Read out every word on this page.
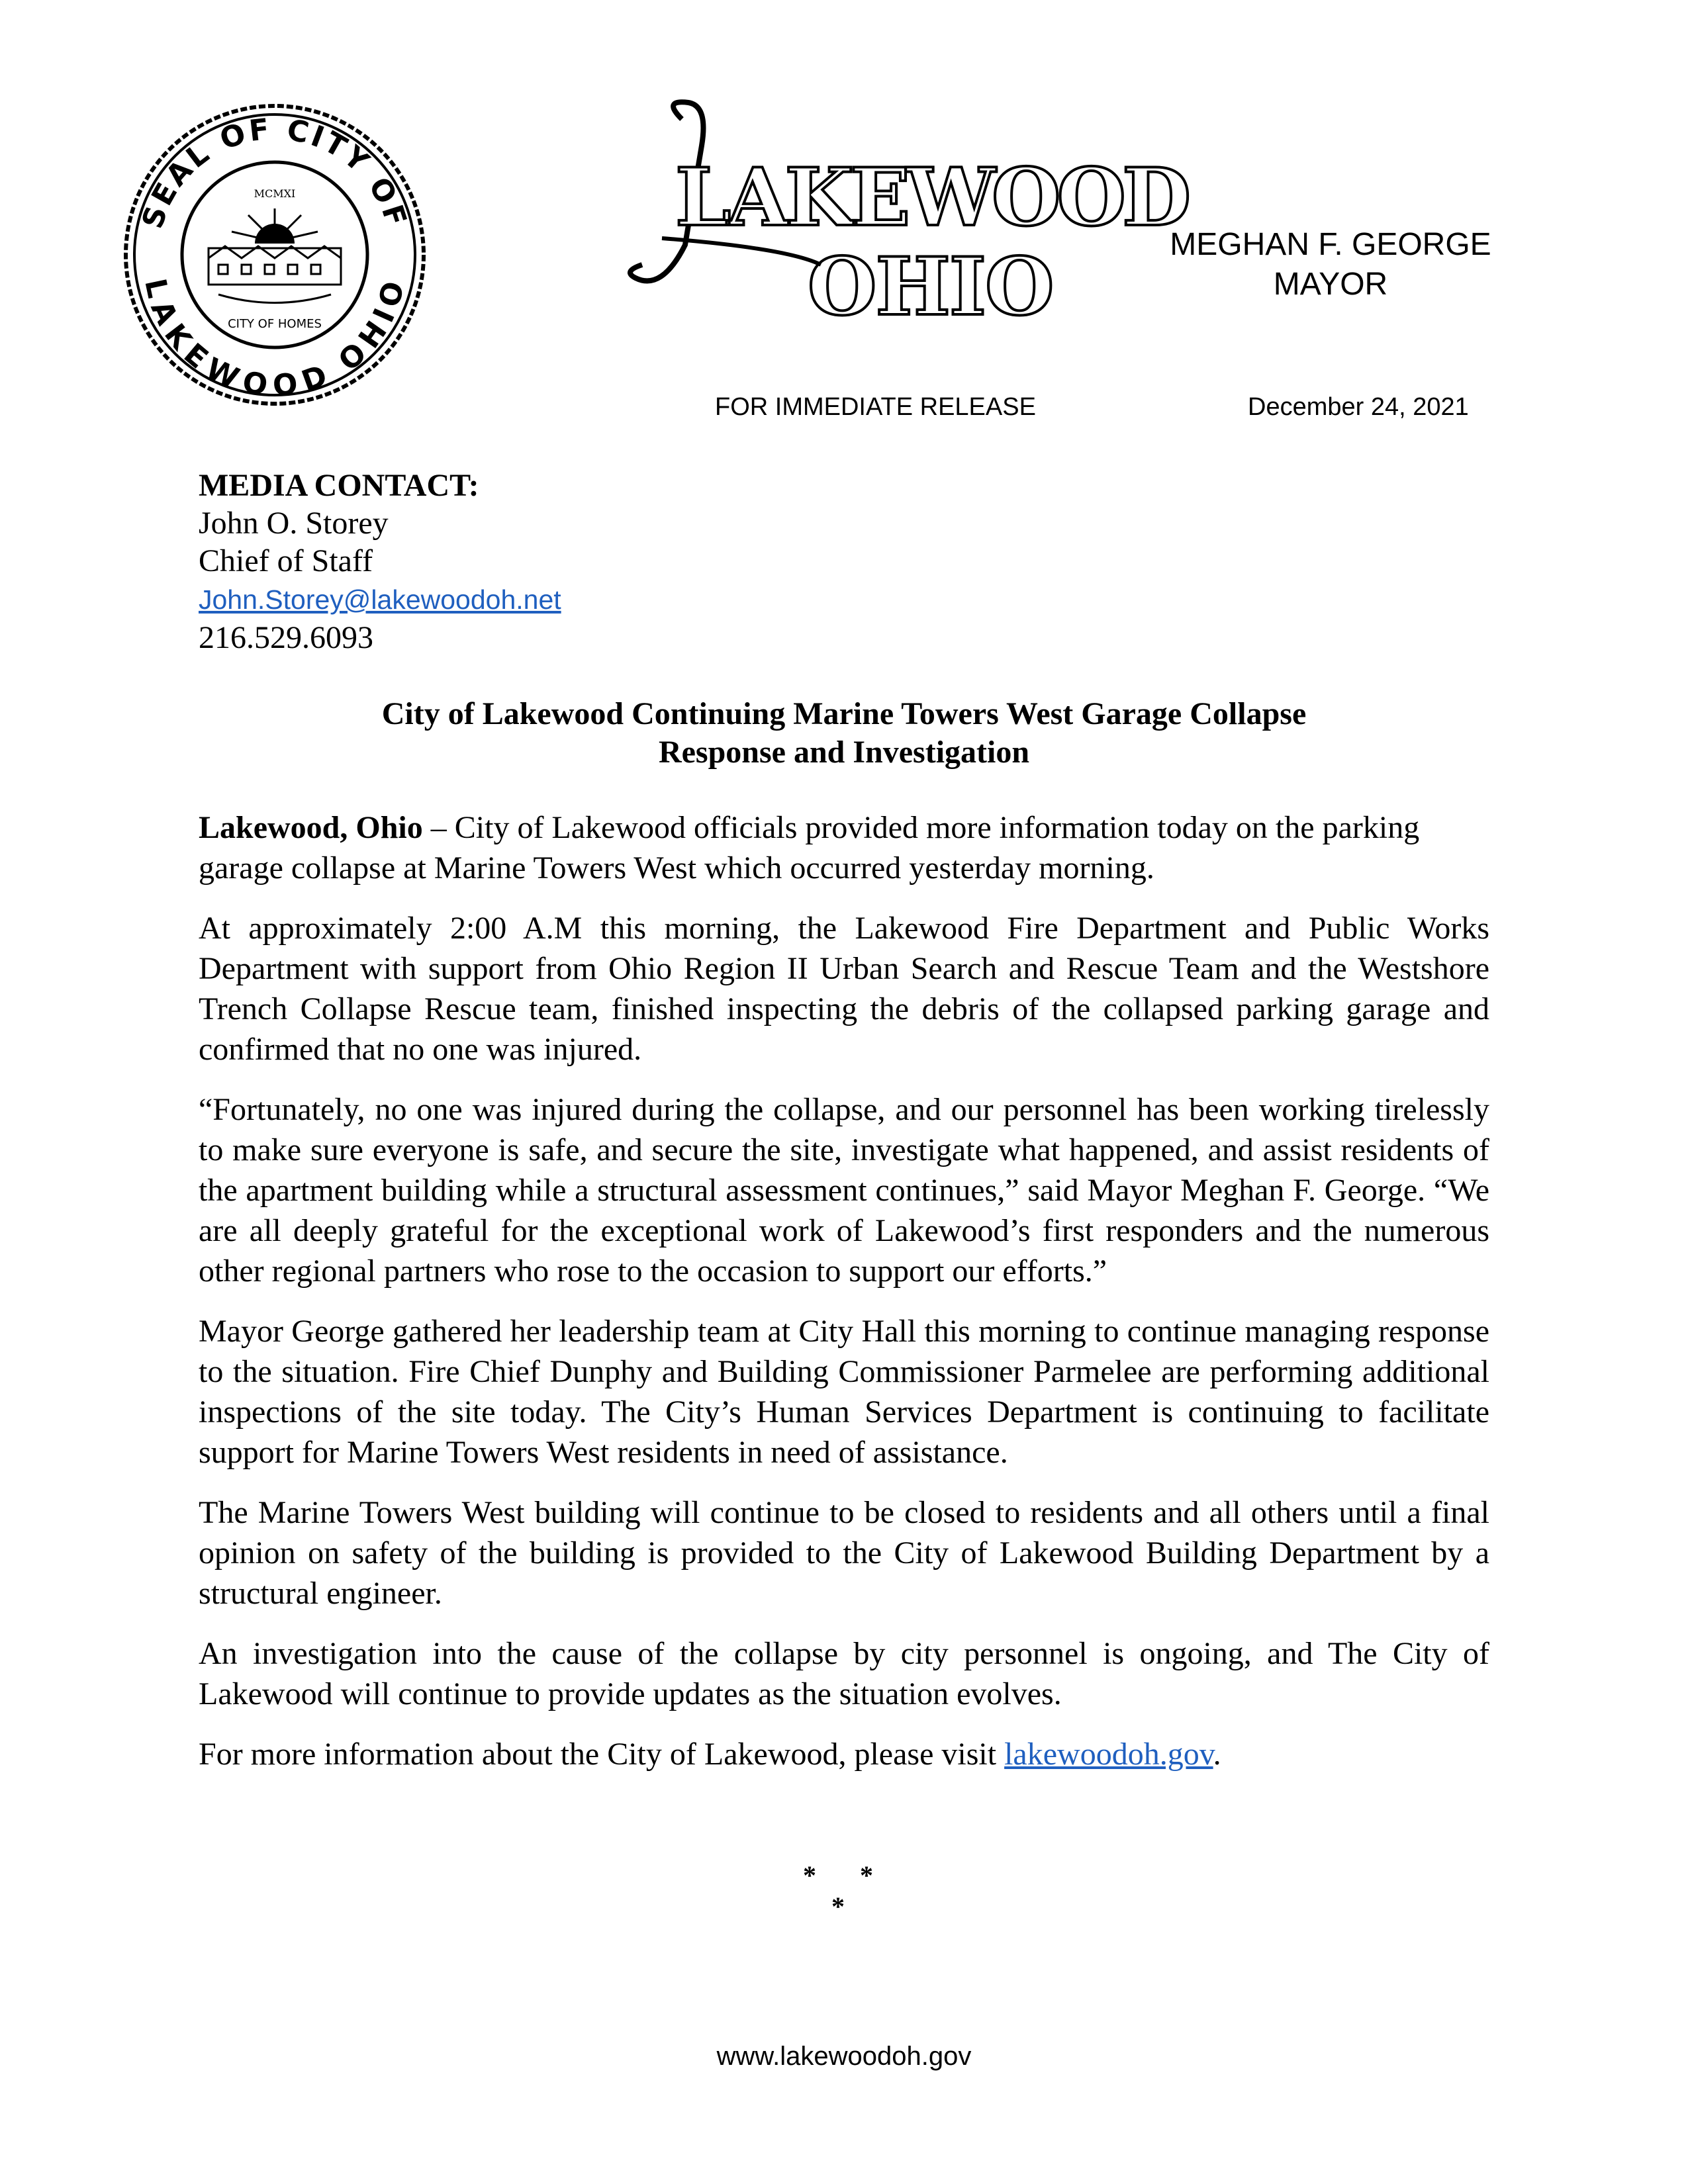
SEAL OF CITY OF
LAKEWOOD OHIO
MCMXI
CITY OF HOMES
LAKEWOOD
OHIO	MEGHAN F. GEORGE
MAYOR
FOR IMMEDIATE RELEASE	December 24, 2021
MEDIA CONTACT:
John O. Storey
Chief of Staff
John.Storey@lakewoodoh.net
216.529.6093
City of Lakewood Continuing Marine Towers West Garage Collapse
Response and Investigation

Lakewood, Ohio – City of Lakewood officials provided more information today on the parking garage collapse at Marine Towers West which occurred yesterday morning.

At approximately 2:00 A.M this morning, the Lakewood Fire Department and Public Works Department with support from Ohio Region II Urban Search and Rescue Team and the Westshore Trench Collapse Rescue team, finished inspecting the debris of the collapsed parking garage and confirmed that no one was injured.

“Fortunately, no one was injured during the collapse, and our personnel has been working tirelessly to make sure everyone is safe, and secure the site, investigate what happened, and assist residents of the apartment building while a structural assessment continues,” said Mayor Meghan F. George. “We are all deeply grateful for the exceptional work of Lakewood’s first responders and the numerous other regional partners who rose to the occasion to support our efforts.”

Mayor George gathered her leadership team at City Hall this morning to continue managing response to the situation. Fire Chief Dunphy and Building Commissioner Parmelee are performing additional inspections of the site today. The City’s Human Services Department is continuing to facilitate support for Marine Towers West residents in need of assistance.

The Marine Towers West building will continue to be closed to residents and all others until a final opinion on safety of the building is provided to the City of Lakewood Building Department by a structural engineer.

An investigation into the cause of the collapse by city personnel is ongoing, and The City of Lakewood will continue to provide updates as the situation evolves.

For more information about the City of Lakewood, please visit lakewoodoh.gov.

* * *
www.lakewoodoh.gov
